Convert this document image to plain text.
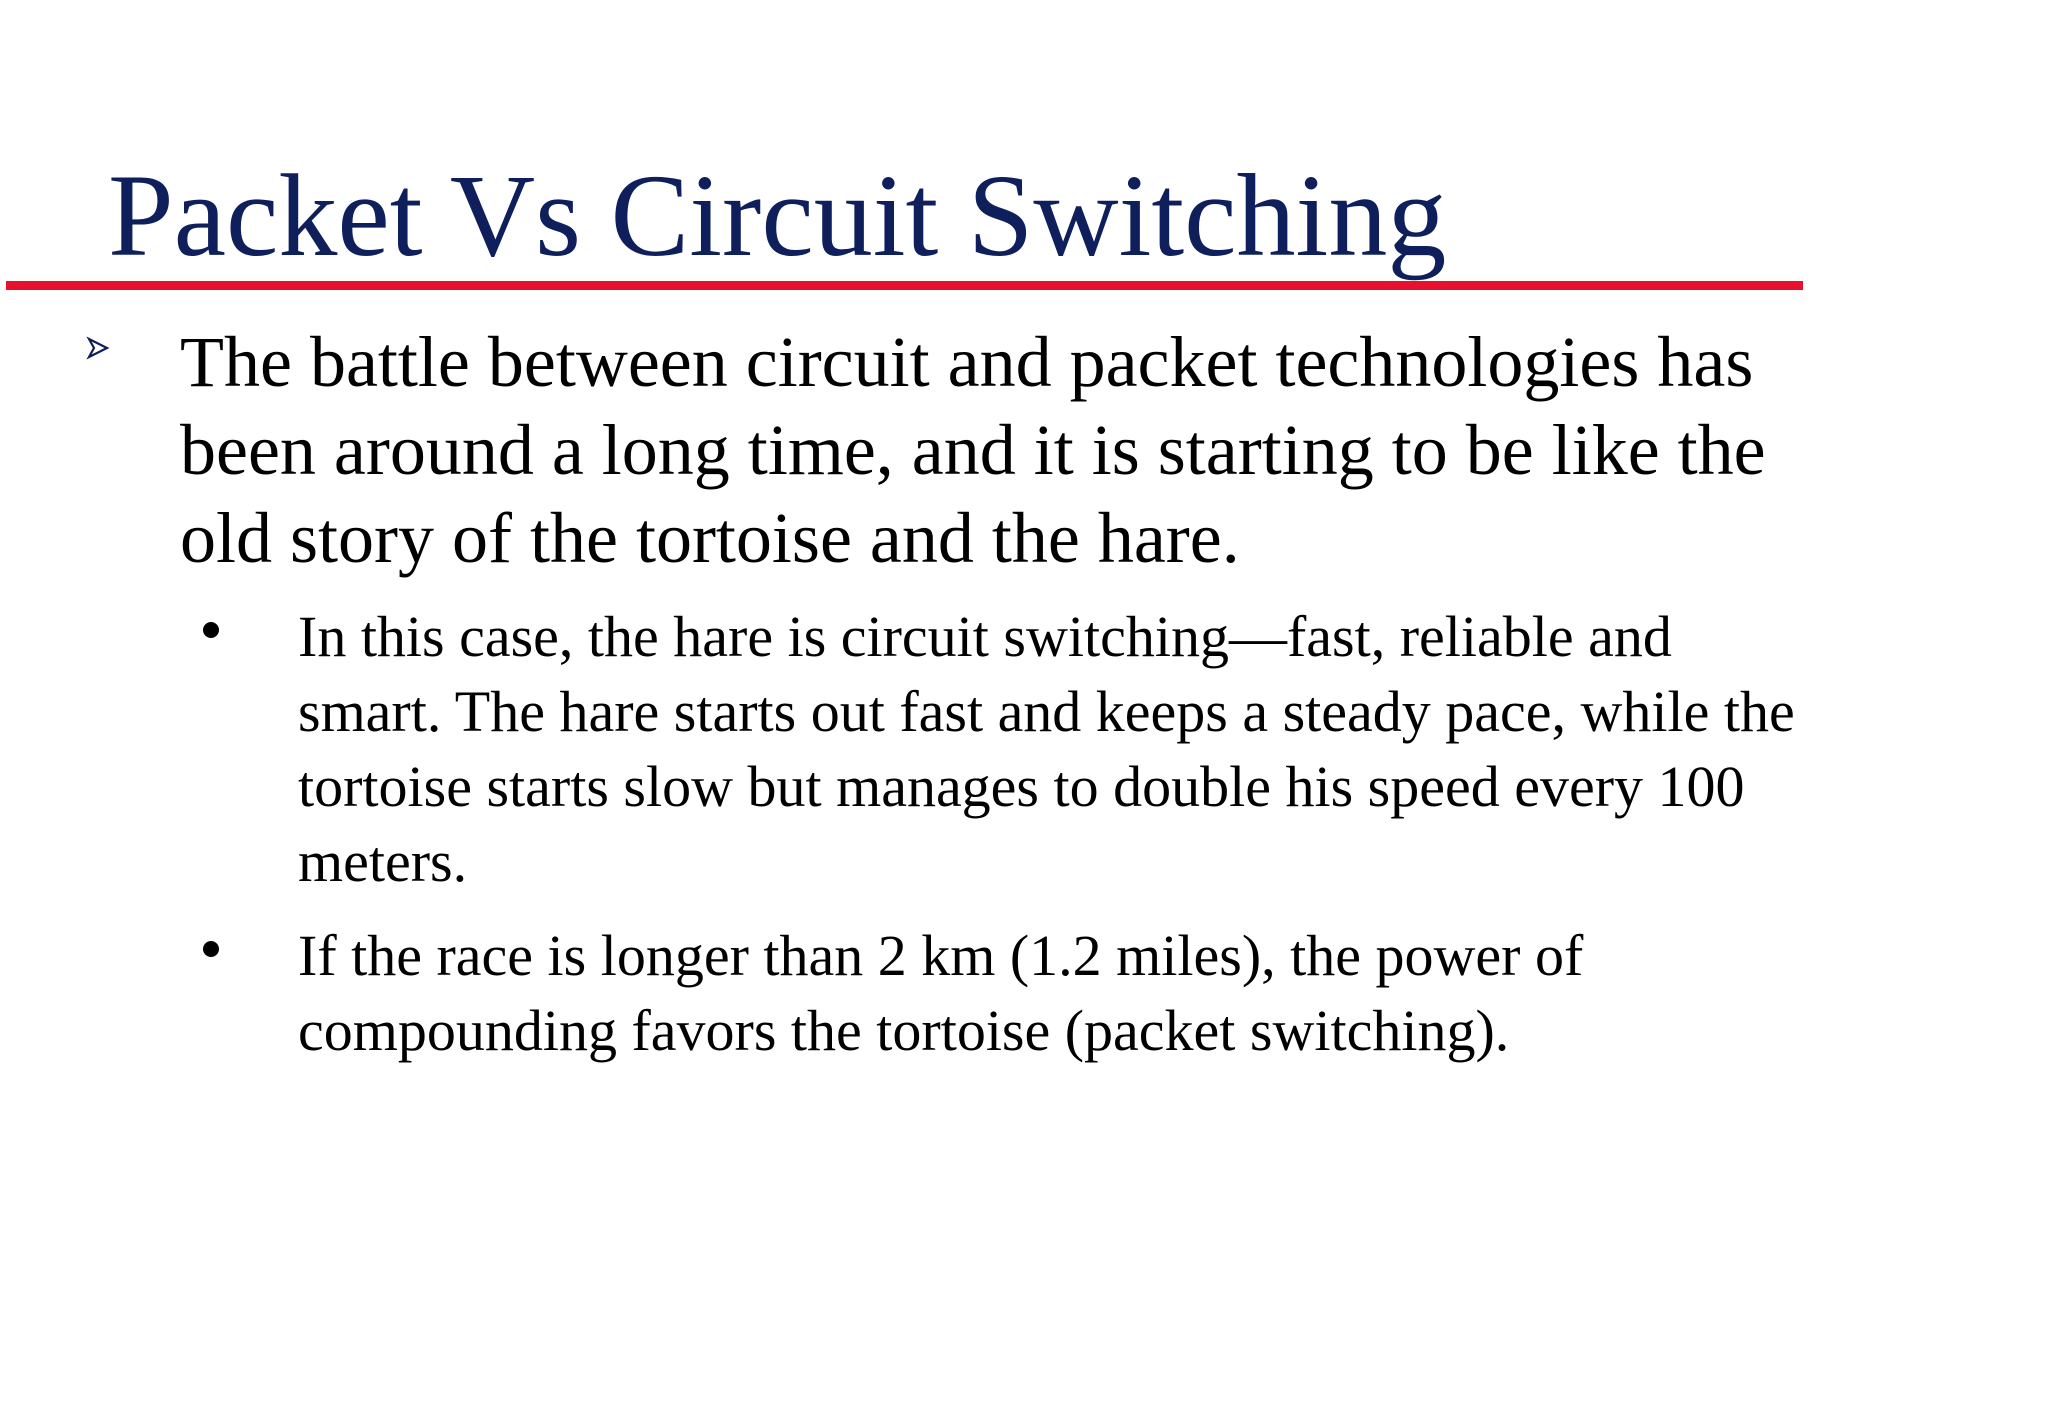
Packet Vs Circuit Switching

The battle between circuit and packet technologies has been around a long time, and it is starting to be like the old story of the tortoise and the hare.

In this case, the hare is circuit switching—fast, reliable and smart. The hare starts out fast and keeps a steady pace, while the tortoise starts slow but manages to double his speed every 100 meters.

If the race is longer than 2 km (1.2 miles), the power of compounding favors the tortoise (packet switching).
